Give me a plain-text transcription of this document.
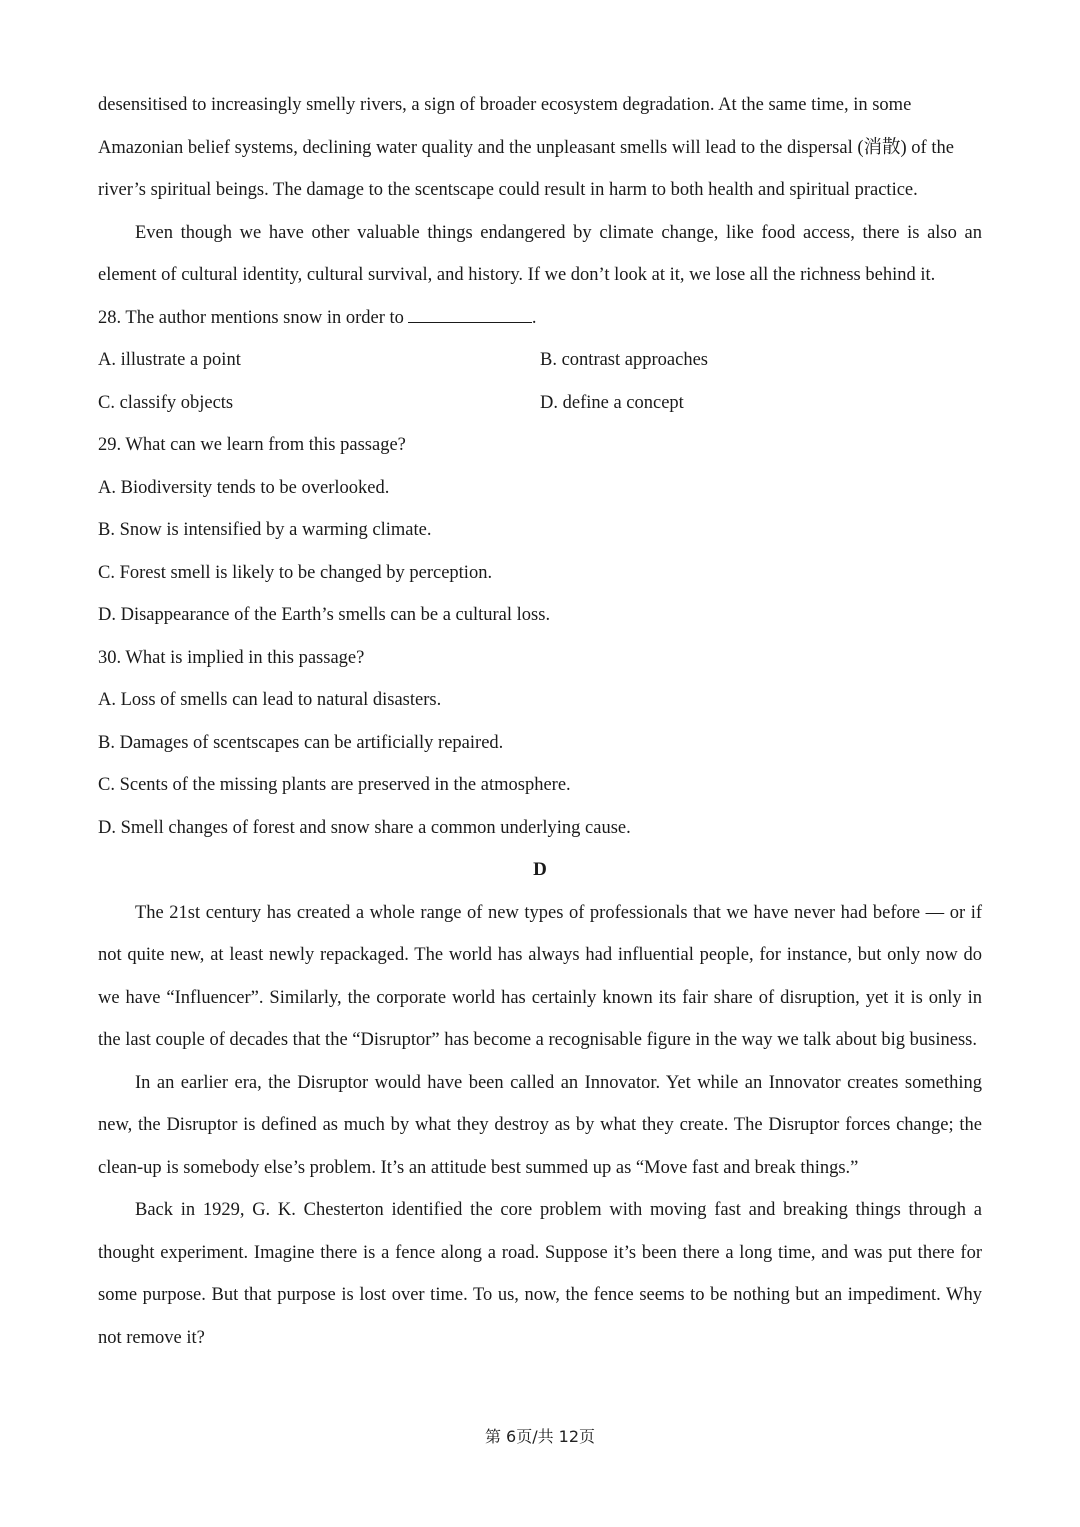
desensitised to increasingly smelly rivers, a sign of broader ecosystem degradation. At the same time, in some
Amazonian belief systems, declining water quality and the unpleasant smells will lead to the dispersal (消散) of the
river’s spiritual beings. The damage to the scentscape could result in harm to both health and spiritual practice.

Even though we have other valuable things endangered by climate change, like food access, there is also an element of cultural identity, cultural survival, and history. If we don’t look at it, we lose all the richness behind it.

28. The author mentions snow in order to	.
A. illustrate a point	B. contrast approaches
C. classify objects	D. define a concept
29. What can we learn from this passage?
A. Biodiversity tends to be overlooked.
B. Snow is intensified by a warming climate.
C. Forest smell is likely to be changed by perception.
D. Disappearance of the Earth’s smells can be a cultural loss.
30. What is implied in this passage?
A. Loss of smells can lead to natural disasters.
B. Damages of scentscapes can be artificially repaired.
C. Scents of the missing plants are preserved in the atmosphere.
D. Smell changes of forest and snow share a common underlying cause.
D

The 21st century has created a whole range of new types of professionals that we have never had before — or if not quite new, at least newly repackaged. The world has always had influential people, for instance, but only now do we have “Influencer”. Similarly, the corporate world has certainly known its fair share of disruption, yet it is only in the last couple of decades that the “Disruptor” has become a recognisable figure in the way we talk about big business.

In an earlier era, the Disruptor would have been called an Innovator. Yet while an Innovator creates something new, the Disruptor is defined as much by what they destroy as by what they create. The Disruptor forces change; the clean-up is somebody else’s problem. It’s an attitude best summed up as “Move fast and break things.”

Back in 1929, G. K. Chesterton identified the core problem with moving fast and breaking things through a thought experiment. Imagine there is a fence along a road. Suppose it’s been there a long time, and was put there for some purpose. But that purpose is lost over time. To us, now, the fence seems to be nothing but an impediment. Why not remove it?

第 6页/共 12页
